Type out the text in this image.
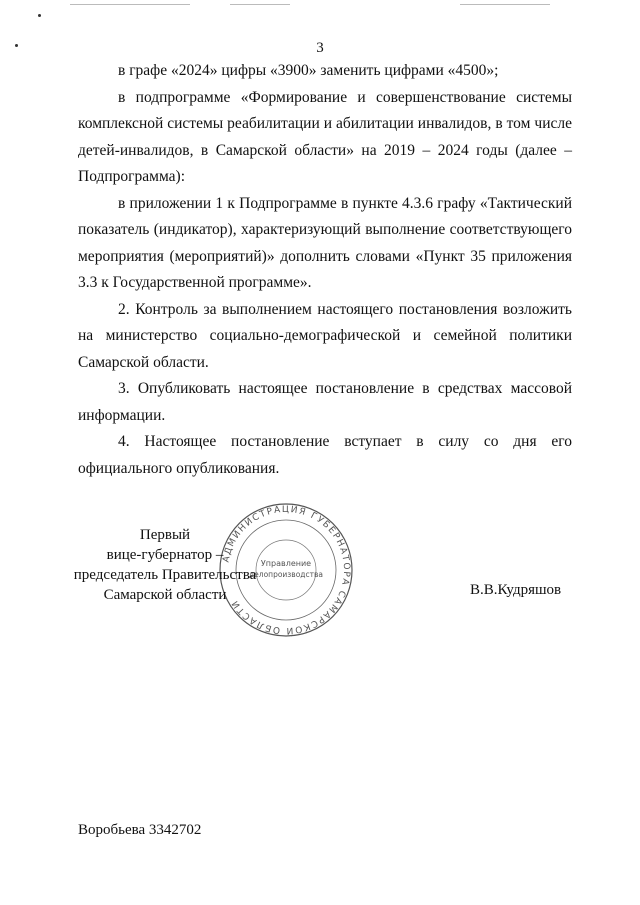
3

в графе «2024» цифры «3900» заменить цифрами «4500»;

в подпрограмме «Формирование и совершенствование системы комплексной системы реабилитации и абилитации инвалидов, в том числе детей-инвалидов, в Самарской области» на 2019 – 2024 годы (далее – Подпрограмма):

в приложении 1 к Подпрограмме в пункте 4.3.6 графу «Тактический показатель (индикатор), характеризующий выполнение соответствующего мероприятия (мероприятий)» дополнить словами «Пункт 35 приложения 3.3 к Государственной программе».

2. Контроль за выполнением настоящего постановления возложить на министерство социально-демографической и семейной политики Самарской области.

3. Опубликовать настоящее постановление в средствах массовой информации.

4. Настоящее постановление вступает в силу со дня его официального опубликования.

АДМИНИСТРАЦИЯ ГУБЕРНАТОРА САМАРСКОЙ ОБЛАСТИ
Управление
делопроизводства
Первый
вице-губернатор –
председатель Правительства
Самарской области	В.В.Кудряшов
Воробьева 3342702
